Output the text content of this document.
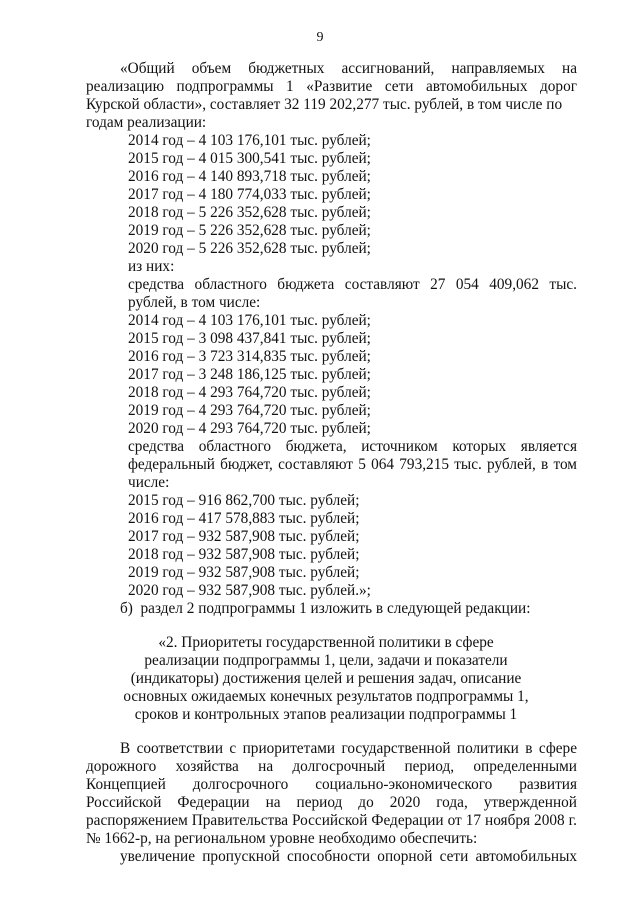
9
«Общий объем бюджетных ассигнований, направляемых на
реализацию подпрограммы 1 «Развитие сети автомобильных дорог
Курской области», составляет 32 119 202,277 тыс. рублей, в том числе по
годам реализации:
2014 год – 4 103 176,101 тыс. рублей;
2015 год – 4 015 300,541 тыс. рублей;
2016 год – 4 140 893,718 тыс. рублей;
2017 год – 4 180 774,033 тыс. рублей;
2018 год – 5 226 352,628 тыс. рублей;
2019 год – 5 226 352,628 тыс. рублей;
2020 год – 5 226 352,628 тыс. рублей;
из них:
средства областного бюджета составляют 27 054 409,062 тыс.
рублей, в том числе:
2014 год – 4 103 176,101 тыс. рублей;
2015 год – 3 098 437,841 тыс. рублей;
2016 год – 3 723 314,835 тыс. рублей;
2017 год – 3 248 186,125 тыс. рублей;
2018 год – 4 293 764,720 тыс. рублей;
2019 год – 4 293 764,720 тыс. рублей;
2020 год – 4 293 764,720 тыс. рублей;
средства областного бюджета, источником которых является
федеральный бюджет, составляют 5 064 793,215 тыс. рублей, в том
числе:
2015 год – 916 862,700 тыс. рублей;
2016 год – 417 578,883 тыс. рублей;
2017 год – 932 587,908 тыс. рублей;
2018 год – 932 587,908 тыс. рублей;
2019 год – 932 587,908 тыс. рублей;
2020 год – 932 587,908 тыс. рублей.»;
б)  раздел 2 подпрограммы 1 изложить в следующей редакции:
«2. Приоритеты государственной политики в сфере
реализации подпрограммы 1, цели, задачи и показатели
(индикаторы) достижения целей и решения задач, описание
основных ожидаемых конечных результатов подпрограммы 1,
сроков и контрольных этапов реализации подпрограммы 1
В соответствии с приоритетами государственной политики в сфере
дорожного хозяйства на долгосрочный период, определенными
Концепцией долгосрочного социально-экономического развития
Российской Федерации на период до 2020 года, утвержденной
распоряжением Правительства Российской Федерации от 17 ноября 2008 г.
№ 1662-р, на региональном уровне необходимо обеспечить:
увеличение пропускной способности опорной сети автомобильных
